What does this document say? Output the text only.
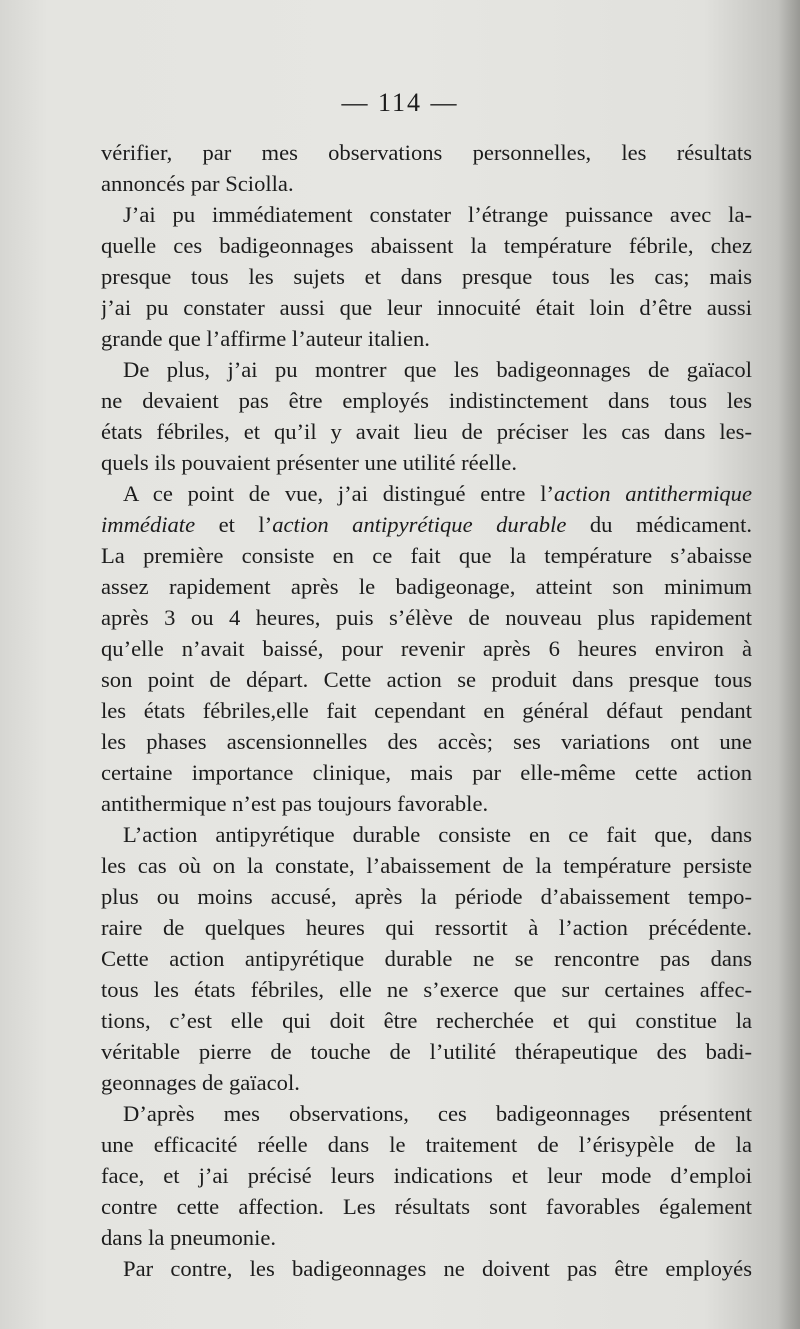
— 114 —
vérifier, par mes observations personnelles, les résultats
annoncés par Sciolla.
J’ai pu immédiatement constater l’étrange puissance avec la-
quelle ces badigeonnages abaissent la température fébrile, chez
presque tous les sujets et dans presque tous les cas; mais
j’ai pu constater aussi que leur innocuité était loin d’être aussi
grande que l’affirme l’auteur italien.
De plus, j’ai pu montrer que les badigeonnages de gaïacol
ne devaient pas être employés indistinctement dans tous les
états fébriles, et qu’il y avait lieu de préciser les cas dans les-
quels ils pouvaient présenter une utilité réelle.
A ce point de vue, j’ai distingué entre l’action antithermique
immédiate et l’action antipyrétique durable du médicament.
La première consiste en ce fait que la température s’abaisse
assez rapidement après le badigeonage, atteint son minimum
après 3 ou 4 heures, puis s’élève de nouveau plus rapidement
qu’elle n’avait baissé, pour revenir après 6 heures environ à
son point de départ. Cette action se produit dans presque tous
les états fébriles,elle fait cependant en général défaut pendant
les phases ascensionnelles des accès; ses variations ont une
certaine importance clinique, mais par elle-même cette action
antithermique n’est pas toujours favorable.
L’action antipyrétique durable consiste en ce fait que, dans
les cas où on la constate, l’abaissement de la température persiste
plus ou moins accusé, après la période d’abaissement tempo-
raire de quelques heures qui ressortit à l’action précédente.
Cette action antipyrétique durable ne se rencontre pas dans
tous les états fébriles, elle ne s’exerce que sur certaines affec-
tions, c’est elle qui doit être recherchée et qui constitue la
véritable pierre de touche de l’utilité thérapeutique des badi-
geonnages de gaïacol.
D’après mes observations, ces badigeonnages présentent
une efficacité réelle dans le traitement de l’érisypèle de la
face, et j’ai précisé leurs indications et leur mode d’emploi
contre cette affection. Les résultats sont favorables également
dans la pneumonie.
Par contre, les badigeonnages ne doivent pas être employés
